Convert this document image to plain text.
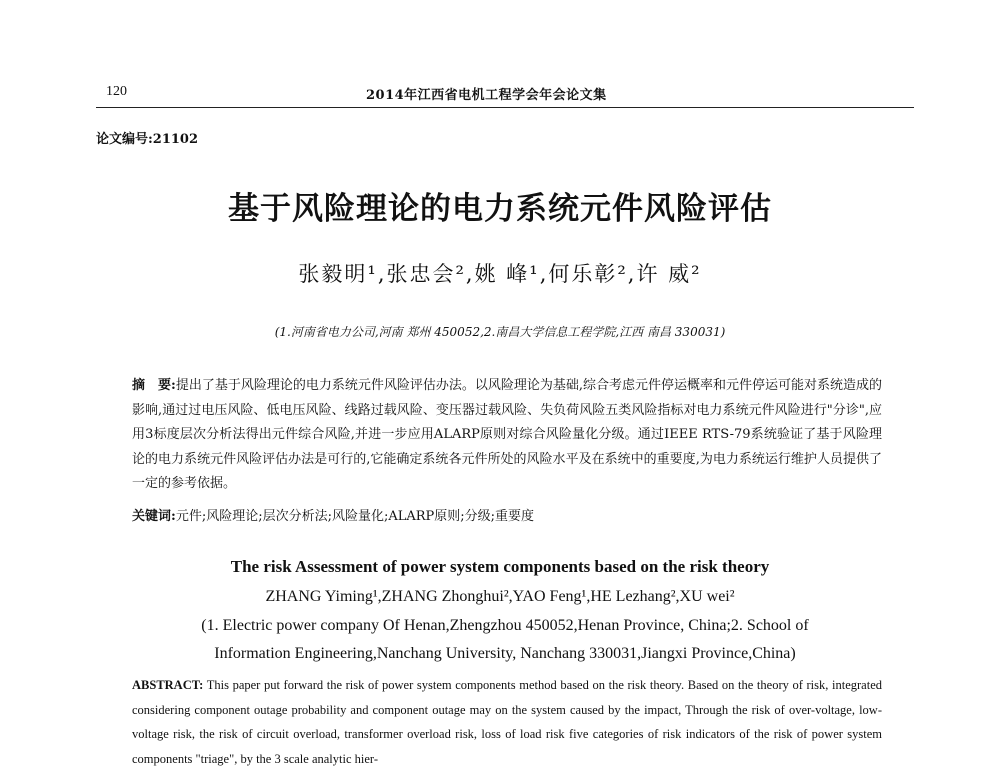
120	2014年江西省电机工程学会年会论文集
论文编号:21102
基于风险理论的电力系统元件风险评估
张毅明¹,张忠会²,姚 峰¹,何乐彰²,许 威²
(1.河南省电力公司,河南 郑州 450052,2.南昌大学信息工程学院,江西 南昌 330031)
摘　要:提出了基于风险理论的电力系统元件风险评估办法。以风险理论为基础,综合考虑元件停运概率和元件停运可能对系统造成的影响,通过过电压风险、低电压风险、线路过载风险、变压器过载风险、失负荷风险五类风险指标对电力系统元件风险进行"分诊",应用3标度层次分析法得出元件综合风险,并进一步应用ALARP原则对综合风险量化分级。通过IEEE RTS-79系统验证了基于风险理论的电力系统元件风险评估办法是可行的,它能确定系统各元件所处的风险水平及在系统中的重要度,为电力系统运行维护人员提供了一定的参考依据。
关键词:元件;风险理论;层次分析法;风险量化;ALARP原则;分级;重要度
The risk Assessment of power system components based on the risk theory
ZHANG Yiming¹,ZHANG Zhonghui²,YAO Feng¹,HE Lezhang²,XU wei²
(1. Electric power company Of Henan,Zhengzhou 450052,Henan Province, China;2. School of Information Engineering,Nanchang University, Nanchang 330031,Jiangxi Province,China)
ABSTRACT: This paper put forward the risk of power system components method based on the risk theory. Based on the theory of risk, integrated considering component outage probability and component outage may on the system caused by the impact, Through the risk of over-voltage, low-voltage risk, the risk of circuit overload, transformer overload risk, loss of load risk five categories of risk indicators of the risk of power system components "triage", by the 3 scale analytic hier-
